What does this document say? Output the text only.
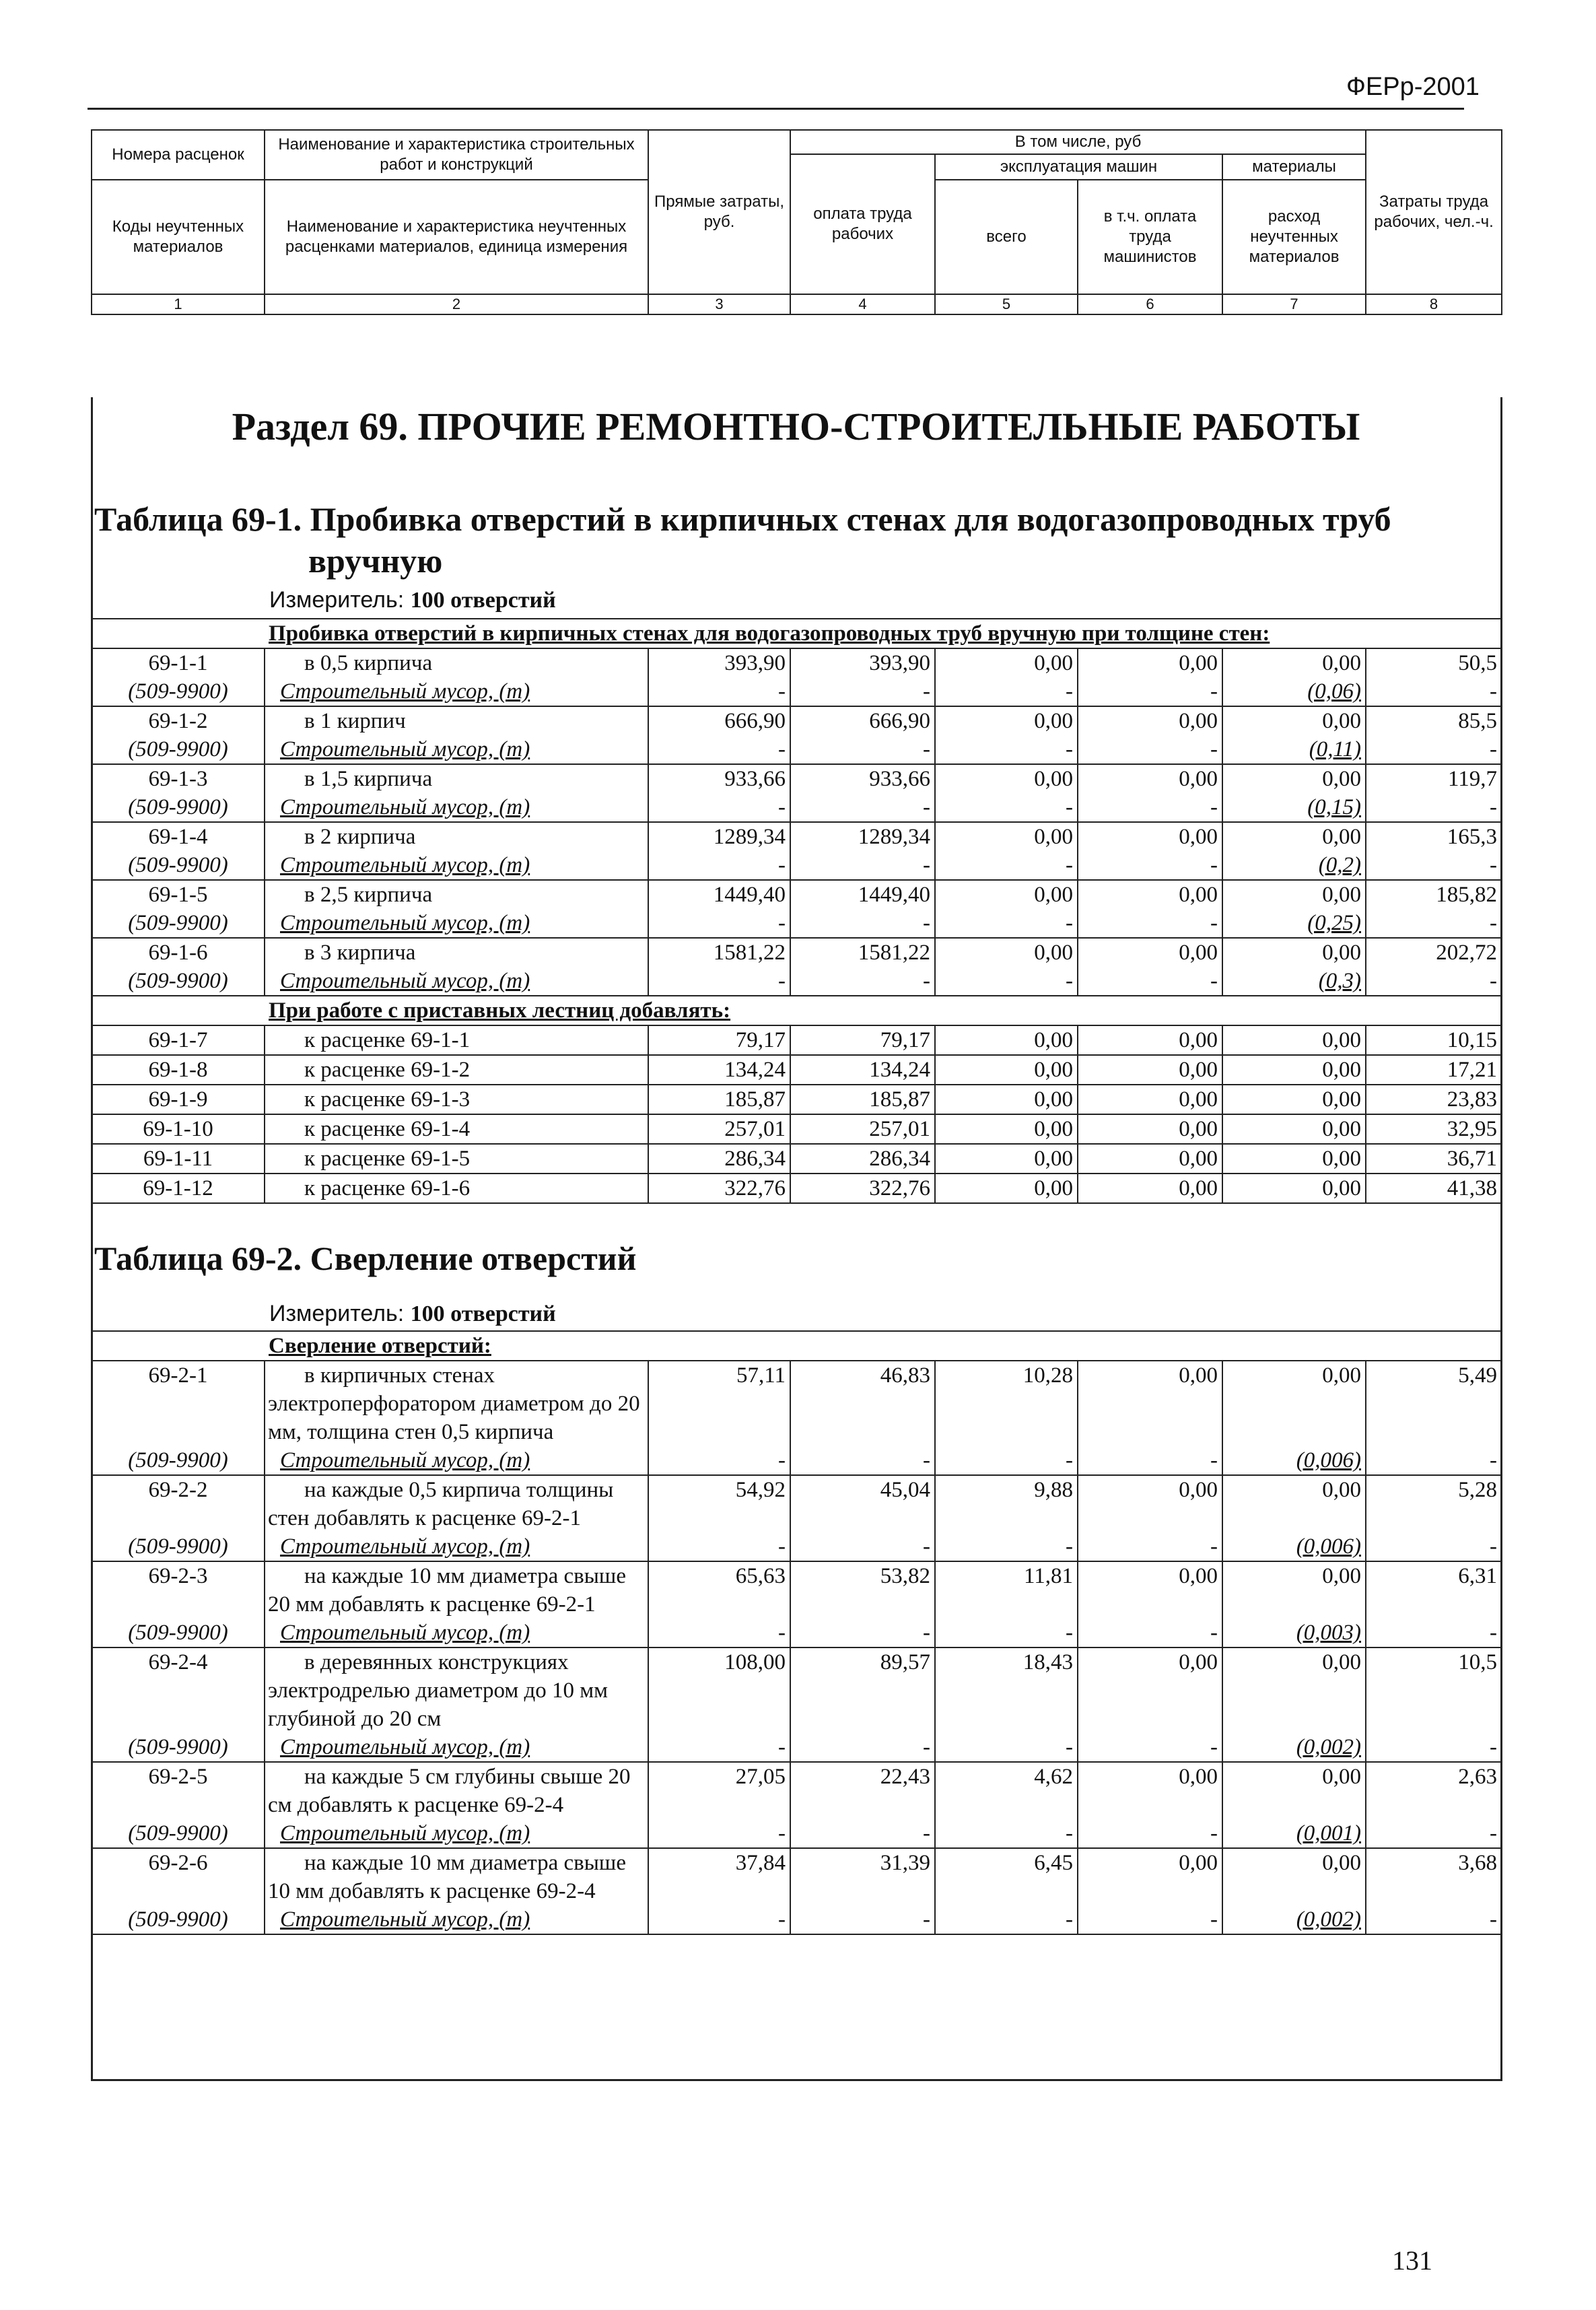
ФЕРр-2001
Номера расценок	Наименование и характеристика строительных работ и конструкций	Прямые затраты, руб.	В том числе, руб				Затраты труда рабочих, чел.-ч.
			оплата труда рабочих	эксплуатация машин		материалы	
Коды неучтенных материалов	Наименование и характеристика неучтенных расценками материалов, единица измерения			всего	в т.ч. оплата труда машинистов	расход неучтенных материалов	
1	2	3	4	5	6	7	8
Раздел 69. ПРОЧИЕ РЕМОНТНО-СТРОИТЕЛЬНЫЕ РАБОТЫ
Таблица 69-1. Пробивка отверстий в кирпичных стенах для водогазопроводных труб
вручную
Измеритель: 100 отверстий
	Пробивка отверстий в кирпичных стенах для водогазопроводных труб вручную при толщине стен:						
69-1-1	в 0,5 кирпича	393,90	393,90	0,00	0,00	0,00	50,5
(509-9900)	Строительный мусор, (т)	-	-	-	-	(0,06)	-
69-1-2	в 1 кирпич	666,90	666,90	0,00	0,00	0,00	85,5
(509-9900)	Строительный мусор, (т)	-	-	-	-	(0,11)	-
69-1-3	в 1,5 кирпича	933,66	933,66	0,00	0,00	0,00	119,7
(509-9900)	Строительный мусор, (т)	-	-	-	-	(0,15)	-
69-1-4	в 2 кирпича	1289,34	1289,34	0,00	0,00	0,00	165,3
(509-9900)	Строительный мусор, (т)	-	-	-	-	(0,2)	-
69-1-5	в 2,5 кирпича	1449,40	1449,40	0,00	0,00	0,00	185,82
(509-9900)	Строительный мусор, (т)	-	-	-	-	(0,25)	-
69-1-6	в 3 кирпича	1581,22	1581,22	0,00	0,00	0,00	202,72
(509-9900)	Строительный мусор, (т)	-	-	-	-	(0,3)	-
	При работе с приставных лестниц добавлять:						
69-1-7	к расценке 69-1-1	79,17	79,17	0,00	0,00	0,00	10,15
69-1-8	к расценке 69-1-2	134,24	134,24	0,00	0,00	0,00	17,21
69-1-9	к расценке 69-1-3	185,87	185,87	0,00	0,00	0,00	23,83
69-1-10	к расценке 69-1-4	257,01	257,01	0,00	0,00	0,00	32,95
69-1-11	к расценке 69-1-5	286,34	286,34	0,00	0,00	0,00	36,71
69-1-12	к расценке 69-1-6	322,76	322,76	0,00	0,00	0,00	41,38
Таблица 69-2. Сверление отверстий
Измеритель: 100 отверстий
	Сверление отверстий:						
69-2-1	в кирпичных стенах электроперфоратором диаметром до 20 мм, толщина стен 0,5 кирпича	57,11	46,83	10,28	0,00	0,00	5,49
(509-9900)	Строительный мусор, (т)	-	-	-	-	(0,006)	-
69-2-2	на каждые 0,5 кирпича толщины стен добавлять к расценке 69-2-1	54,92	45,04	9,88	0,00	0,00	5,28
(509-9900)	Строительный мусор, (т)	-	-	-	-	(0,006)	-
69-2-3	на каждые 10 мм диаметра свыше 20 мм добавлять к расценке 69-2-1	65,63	53,82	11,81	0,00	0,00	6,31
(509-9900)	Строительный мусор, (т)	-	-	-	-	(0,003)	-
69-2-4	в деревянных конструкциях электродрелью диаметром до 10 мм глубиной до 20 см	108,00	89,57	18,43	0,00	0,00	10,5
(509-9900)	Строительный мусор, (т)	-	-	-	-	(0,002)	-
69-2-5	на каждые 5 см глубины свыше 20 см добавлять к расценке 69-2-4	27,05	22,43	4,62	0,00	0,00	2,63
(509-9900)	Строительный мусор, (т)	-	-	-	-	(0,001)	-
69-2-6	на каждые 10 мм диаметра свыше 10 мм добавлять к расценке 69-2-4	37,84	31,39	6,45	0,00	0,00	3,68
(509-9900)	Строительный мусор, (т)	-	-	-	-	(0,002)	-
131
